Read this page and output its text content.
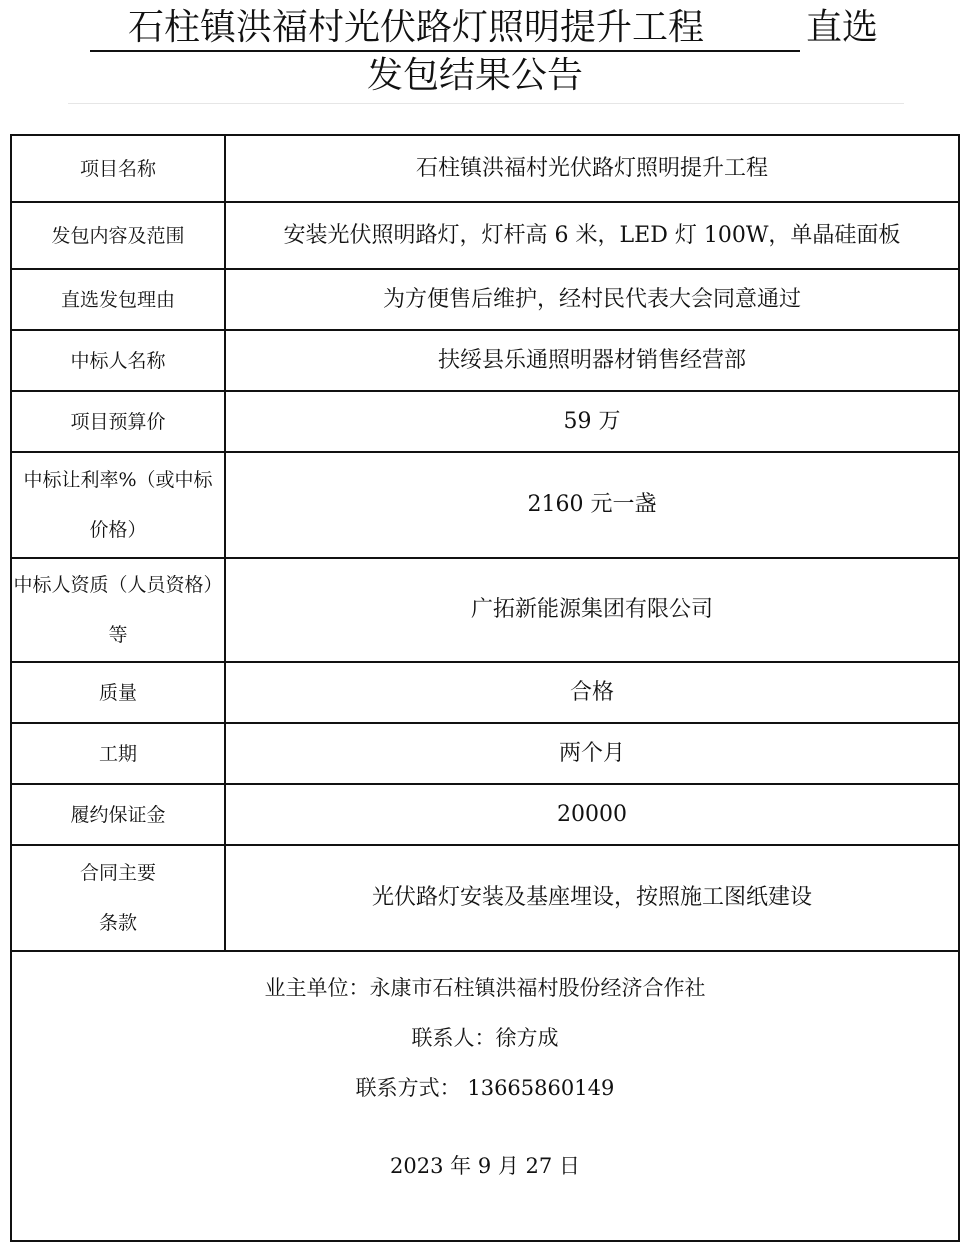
石柱镇洪福村光伏路灯照明提升工程	直选
发包结果公告
项目名称	石柱镇洪福村光伏路灯照明提升工程

发包内容及范围	安装光伏照明路灯，灯杆高 6 米，LED 灯 100W，单晶硅面板

直选发包理由	为方便售后维护，经村民代表大会同意通过

中标人名称	扶绥县乐通照明器材销售经营部

项目预算价	59 万

中标让利率%（或中标
价格）	2160 元一盏

中标人资质（人员资格）
等	广拓新能源集团有限公司

质量	合格

工期	两个月

履约保证金	20000

合同主要
条款	光伏路灯安装及基座埋设，按照施工图纸建设
业主单位：永康市石柱镇洪福村股份经济合作社
联系人：徐方成
联系方式： 13665860149
2023 年 9 月 27 日
